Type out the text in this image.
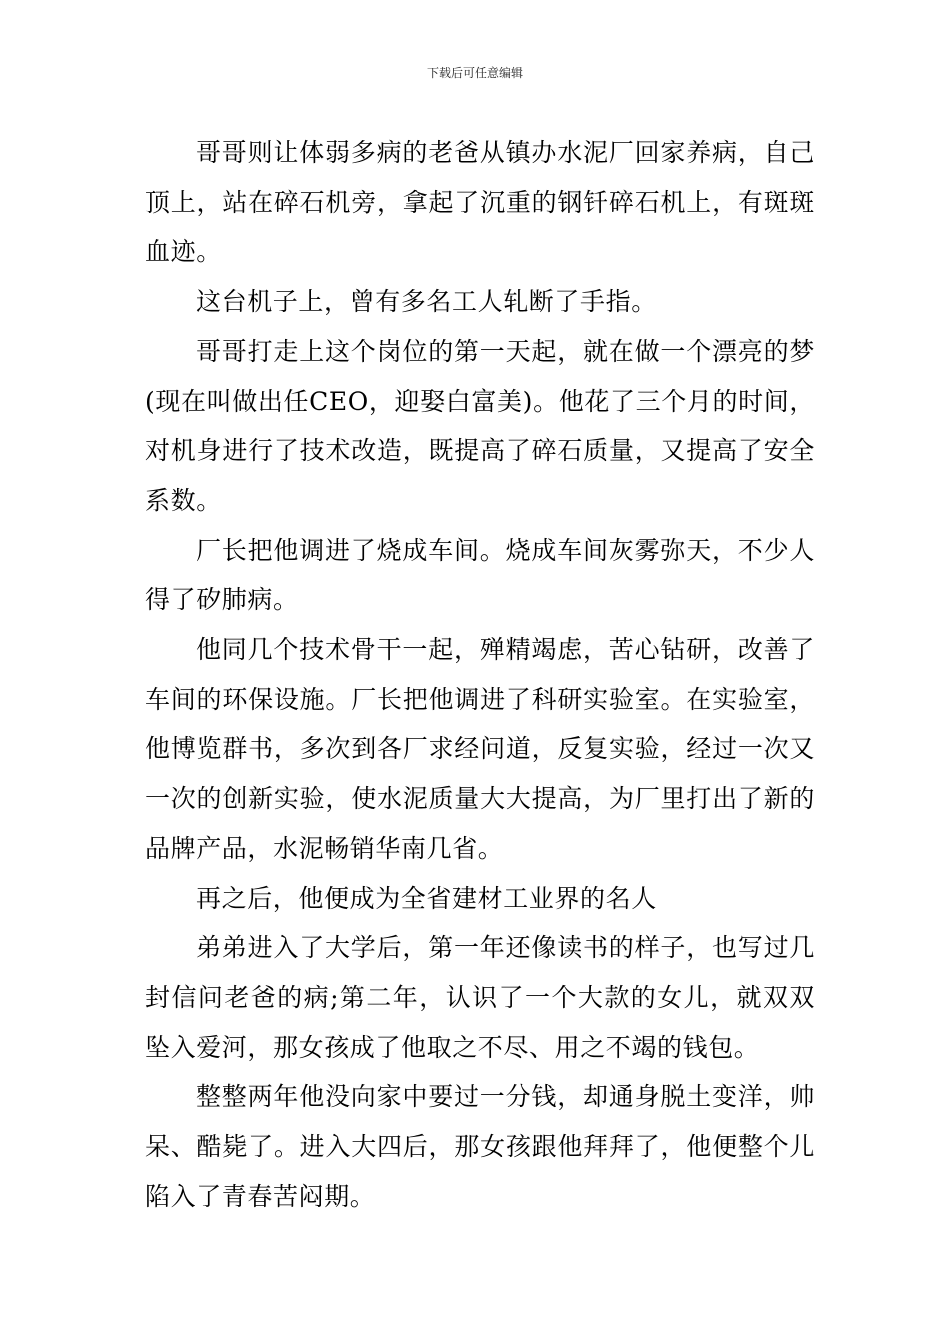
下载后可任意编辑

哥哥则让体弱多病的老爸从镇办水泥厂回家养病，自己顶上，站在碎石机旁，拿起了沉重的钢钎碎石机上，有斑斑血迹。

这台机子上，曾有多名工人轧断了手指。

哥哥打走上这个岗位的第一天起，就在做一个漂亮的梦(现在叫做出任CEO，迎娶白富美)。他花了三个月的时间，对机身进行了技术改造，既提高了碎石质量，又提高了安全系数。

厂长把他调进了烧成车间。烧成车间灰雾弥天，不少人得了矽肺病。

他同几个技术骨干一起，殚精竭虑，苦心钻研，改善了车间的环保设施。厂长把他调进了科研实验室。在实验室，他博览群书，多次到各厂求经问道，反复实验，经过一次又一次的创新实验，使水泥质量大大提高，为厂里打出了新的品牌产品，水泥畅销华南几省。

再之后，他便成为全省建材工业界的名人

弟弟进入了大学后，第一年还像读书的样子，也写过几封信问老爸的病;第二年，认识了一个大款的女儿，就双双坠入爱河，那女孩成了他取之不尽、用之不竭的钱包。

整整两年他没向家中要过一分钱，却通身脱土变洋，帅呆、酷毙了。进入大四后，那女孩跟他拜拜了，他便整个儿陷入了青春苦闷期。
